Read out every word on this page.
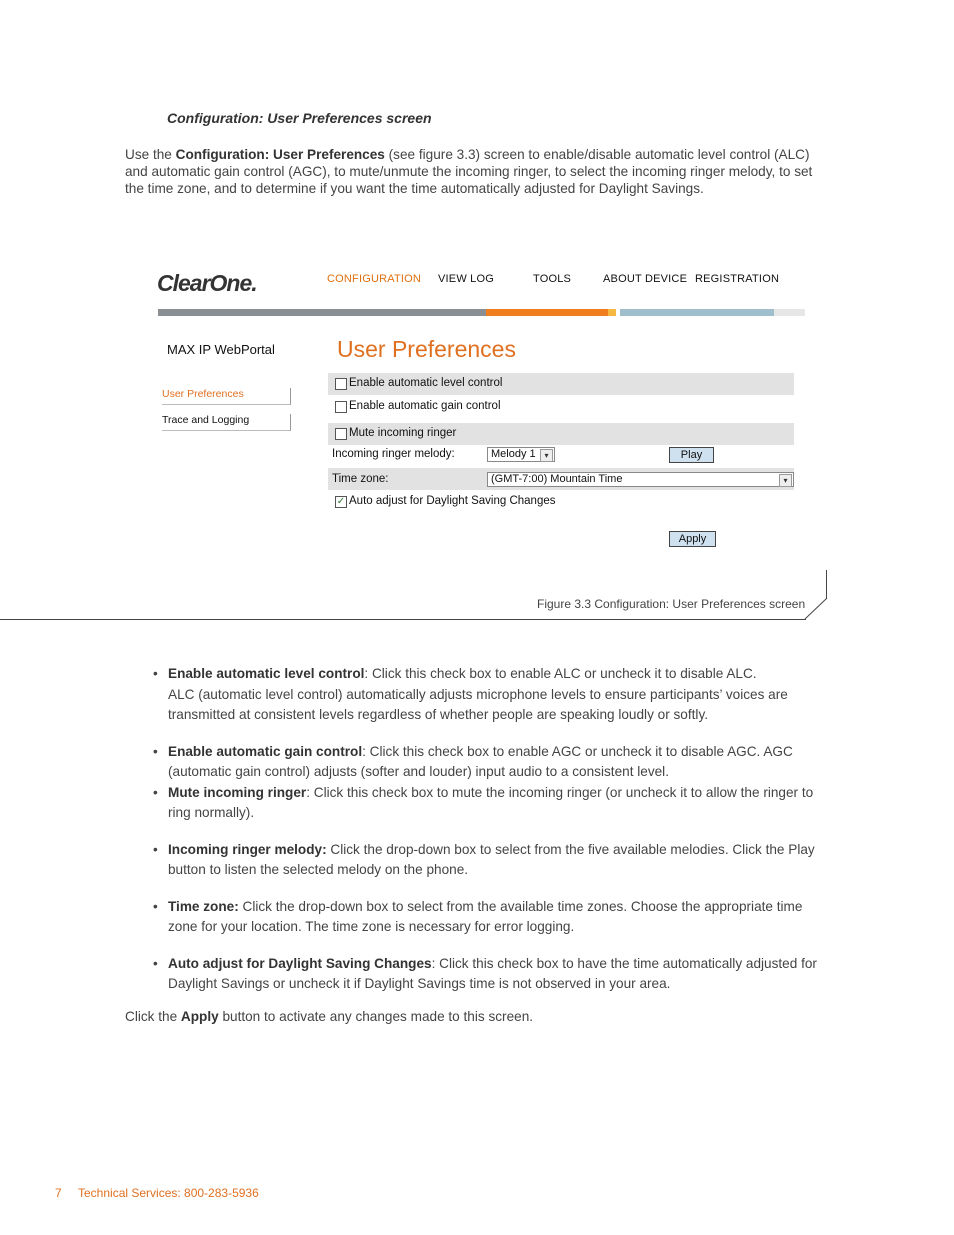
Configuration: User Preferences screen
Use the Configuration: User Preferences (see figure 3.3) screen to enable/disable automatic level control (ALC) and automatic gain control (AGC), to mute/unmute the incoming ringer, to select the incoming ringer melody, to set the time zone, and to determine if you want the time automatically adjusted for Daylight Savings.
ClearOne.	CONFIGURATION VIEW LOG	TOOLS	ABOUT DEVICE REGISTRATION
MAX IP WebPortal
User Preferences
Trace and Logging
User Preferences
Enable automatic level control
Enable automatic gain control
Mute incoming ringer
Incoming ringer melody:	Melody 1	▾	Play
Time zone:	(GMT-7:00) Mountain Time	▾
✓ Auto adjust for Daylight Saving Changes
Apply
Figure 3.3 Configuration: User Preferences screen
• Enable automatic level control: Click this check box to enable ALC or uncheck it to disable ALC.
ALC (automatic level control) automatically adjusts microphone levels to ensure participants’ voices are transmitted at consistent levels regardless of whether people are speaking loudly or softly.
• Enable automatic gain control: Click this check box to enable AGC or uncheck it to disable AGC. AGC (automatic gain control) adjusts (softer and louder) input audio to a consistent level.
• Mute incoming ringer: Click this check box to mute the incoming ringer (or uncheck it to allow the ringer to ring normally).
• Incoming ringer melody: Click the drop-down box to select from the five available melodies. Click the Play button to listen the selected melody on the phone.
• Time zone: Click the drop-down box to select from the available time zones. Choose the appropriate time zone for your location. The time zone is necessary for error logging.
• Auto adjust for Daylight Saving Changes: Click this check box to have the time automatically adjusted for Daylight Savings or uncheck it if Daylight Savings time is not observed in your area.
Click the Apply button to activate any changes made to this screen.
7 Technical Services: 800-283-5936
